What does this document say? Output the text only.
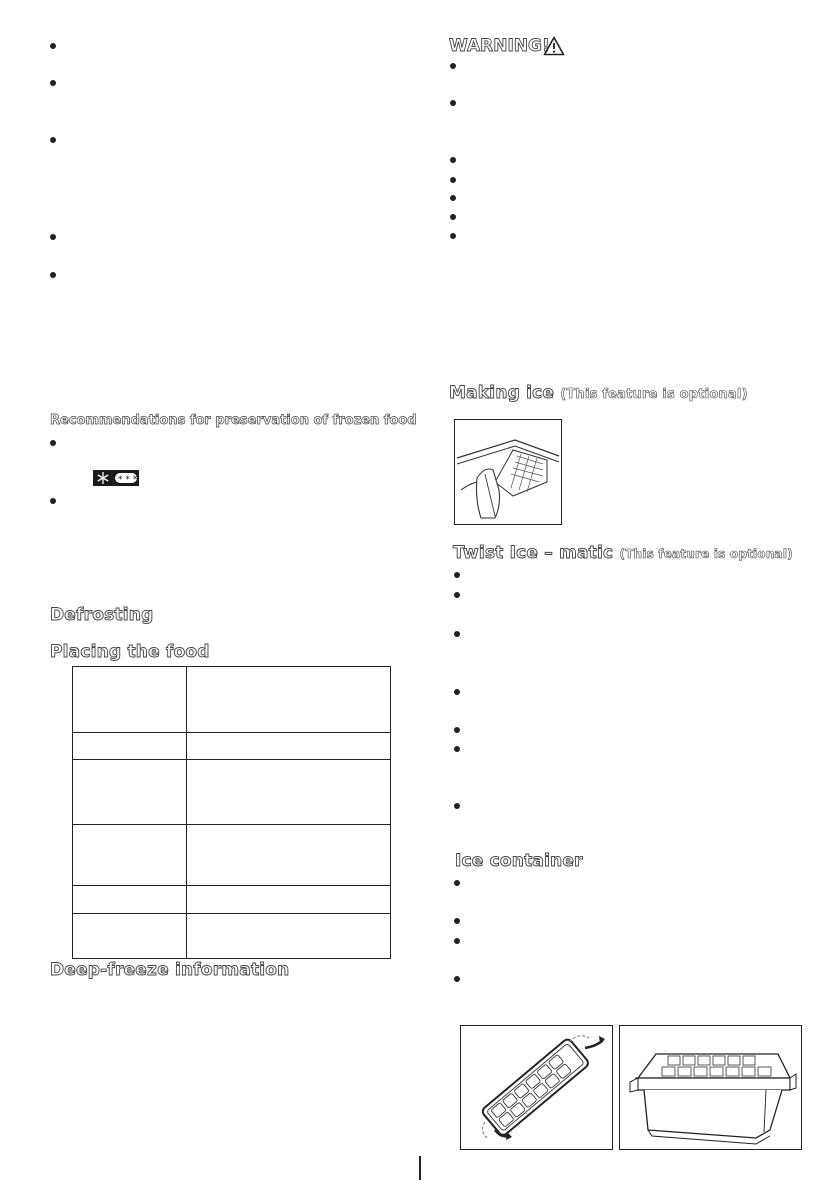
Recommendations for preservation of frozen food
* * *
Defrosting
Placing the food

Deep-freeze information
WARNING!
Making ice (This feature is optional)
Twist Ice – matic (This feature is optional)
Ice container
